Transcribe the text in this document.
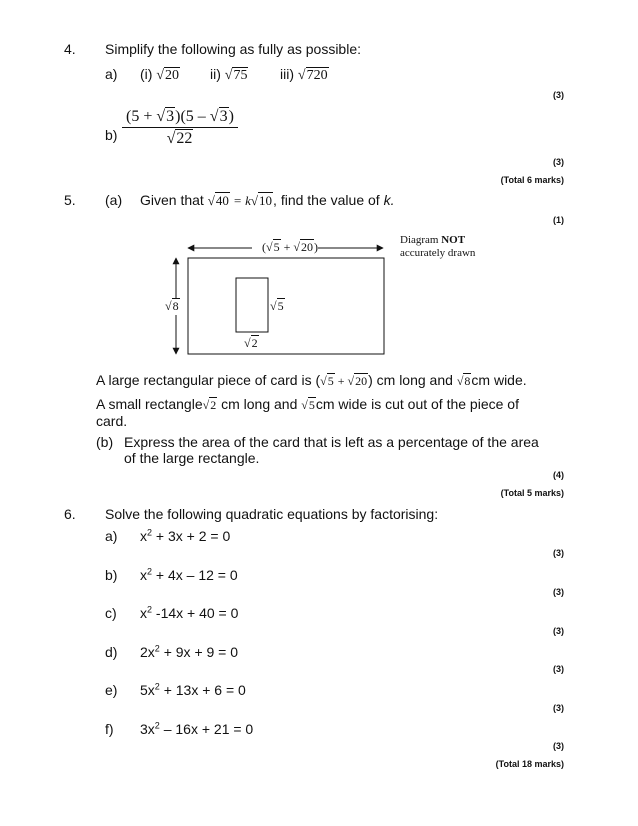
4. Simplify the following as fully as possible:
a) (i) √20 ii) √75 iii) √720
(3)
$b) \frac{(5 + √3)(5 - √3)}{√22}$
(3)
(Total 6 marks)
5. (a) Given that √40 = k√10, find the value of k.
(1)
(√5 + √20)
√8	√5
√2
Diagram NOT
accurately drawn
A large rectangular piece of card is (√5 + √20) cm long and √8cm wide.
A small rectangle√2 cm long and √5cm wide is cut out of the piece of
card.
(b) Express the area of the card that is left as a percentage of the area
of the large rectangle.
(4)
(Total 5 marks)
6. Solve the following quadratic equations by factorising:
a) $x^2 + 3x + 2 = 0$
(3)
b) $x^2 + 4x - 12 = 0$
(3)
c) $x^2$ -14x + 40 = 0
(3)
d) $2x^2 + 9x + 9 = 0$
(3)
e) $5x^2 + 13x + 6 = 0$
(3)
f) $3x^2 - 16x + 21 = 0$
(3)
(Total 18 marks)
